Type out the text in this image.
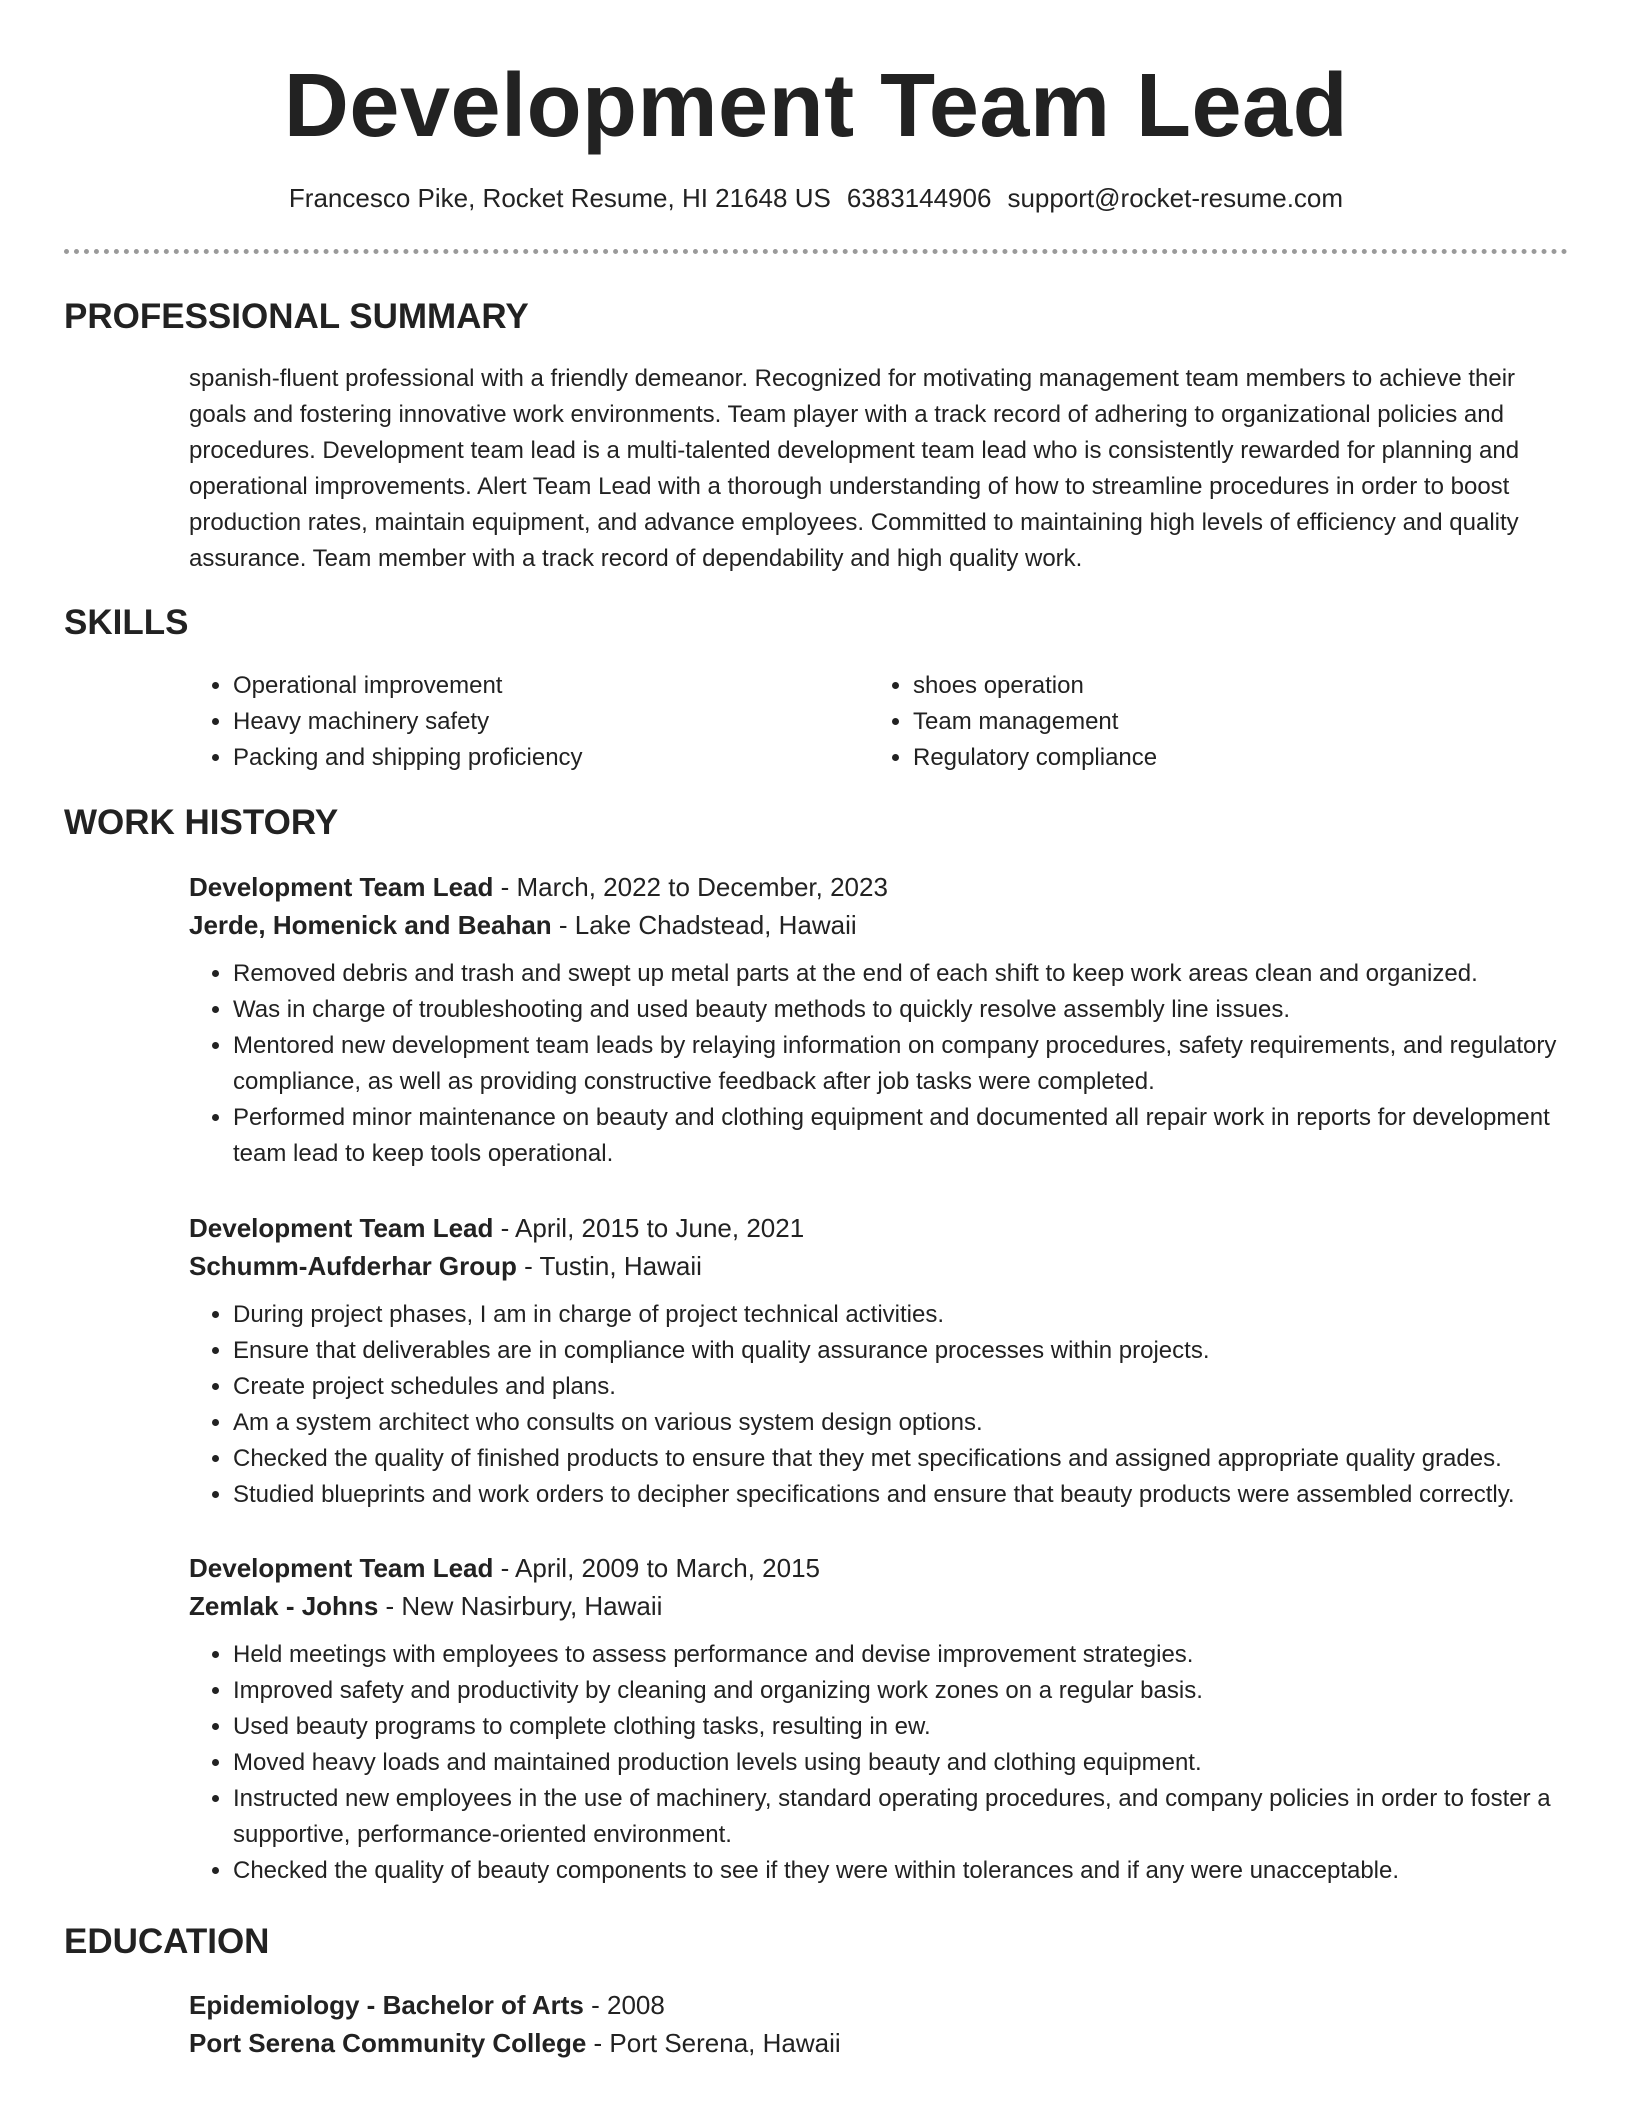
Development Team Lead
Francesco Pike, Rocket Resume, HI 21648 US 6383144906 support@rocket-resume.com
PROFESSIONAL SUMMARY

spanish-fluent professional with a friendly demeanor. Recognized for motivating management team members to achieve their goals and fostering innovative work environments. Team player with a track record of adhering to organizational policies and procedures. Development team lead is a multi-talented development team lead who is consistently rewarded for planning and operational improvements. Alert Team Lead with a thorough understanding of how to streamline procedures in order to boost production rates, maintain equipment, and advance employees. Committed to maintaining high levels of efficiency and quality assurance. Team member with a track record of dependability and high quality work.

SKILLS
• Operational improvement
• Heavy machinery safety
• Packing and shipping proficiency
• shoes operation
• Team management
• Regulatory compliance
WORK HISTORY

Development Team Lead - March, 2022 to December, 2023

Jerde, Homenick and Beahan - Lake Chadstead, Hawaii

• Removed debris and trash and swept up metal parts at the end of each shift to keep work areas clean and organized.
• Was in charge of troubleshooting and used beauty methods to quickly resolve assembly line issues.
• Mentored new development team leads by relaying information on company procedures, safety requirements, and regulatory compliance, as well as providing constructive feedback after job tasks were completed.
• Performed minor maintenance on beauty and clothing equipment and documented all repair work in reports for development team lead to keep tools operational.

Development Team Lead - April, 2015 to June, 2021

Schumm-Aufderhar Group - Tustin, Hawaii

• During project phases, I am in charge of project technical activities.
• Ensure that deliverables are in compliance with quality assurance processes within projects.
• Create project schedules and plans.
• Am a system architect who consults on various system design options.
• Checked the quality of finished products to ensure that they met specifications and assigned appropriate quality grades.
• Studied blueprints and work orders to decipher specifications and ensure that beauty products were assembled correctly.

Development Team Lead - April, 2009 to March, 2015

Zemlak - Johns - New Nasirbury, Hawaii

• Held meetings with employees to assess performance and devise improvement strategies.
• Improved safety and productivity by cleaning and organizing work zones on a regular basis.
• Used beauty programs to complete clothing tasks, resulting in ew.
• Moved heavy loads and maintained production levels using beauty and clothing equipment.
• Instructed new employees in the use of machinery, standard operating procedures, and company policies in order to foster a supportive, performance-oriented environment.
• Checked the quality of beauty components to see if they were within tolerances and if any were unacceptable.
EDUCATION

Epidemiology - Bachelor of Arts - 2008

Port Serena Community College - Port Serena, Hawaii
